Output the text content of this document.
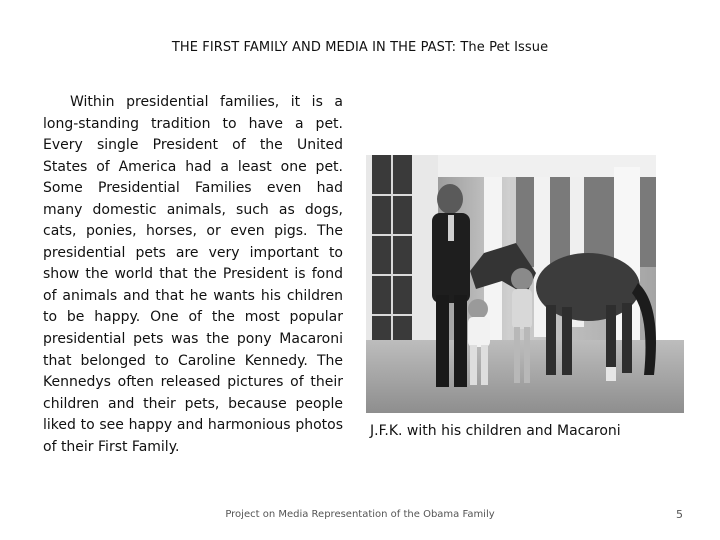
THE FIRST FAMILY AND MEDIA IN THE PAST: The Pet Issue

Within presidential families, it is a long-standing tradition to have a pet. Every single President of the United States of America had a least one pet. Some Presidential Families even had many domestic animals, such as dogs, cats, ponies, horses, or even pigs. The presidential pets are very important to show the world that the President is fond of animals and that he wants his children to be happy. One of the most popular presidential pets was the pony Macaroni that belonged to Caroline Kennedy. The Kennedys often released pictures of their children and their pets, because people liked to see happy and harmonious photos of their First Family.

J.F.K. with his children and Macaroni
Project on Media Representation of the Obama Family	5
